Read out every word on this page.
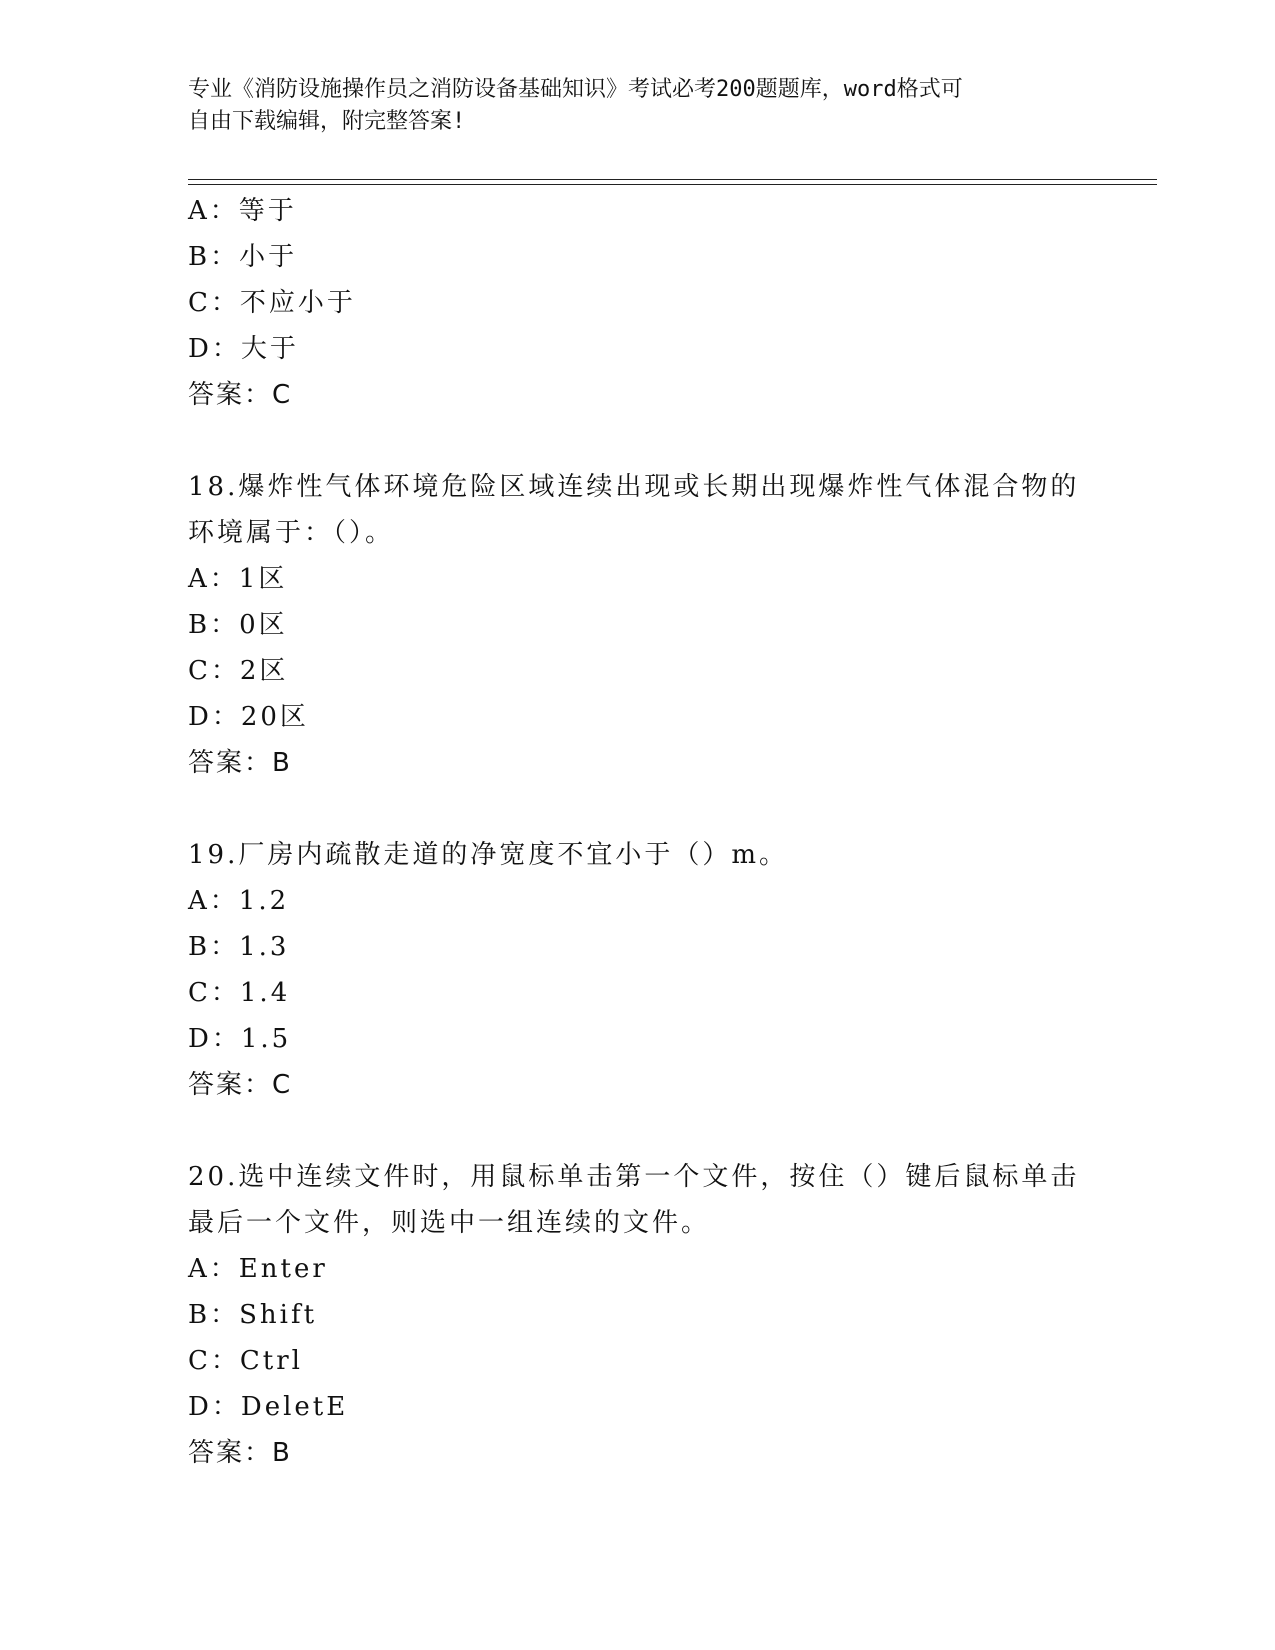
专业《消防设施操作员之消防设备基础知识》考试必考200题题库，word格式可
自由下载编辑，附完整答案!
A：等于
B：小于
C：不应小于
D：大于
答案：C
18.爆炸性气体环境危险区域连续出现或长期出现爆炸性气体混合物的
环境属于：（）。
A：1区
B：0区
C：2区
D：20区
答案：B
19.厂房内疏散走道的净宽度不宜小于（）m。
A：1.2
B：1.3
C：1.4
D：1.5
答案：C
20.选中连续文件时，用鼠标单击第一个文件，按住（）键后鼠标单击
最后一个文件，则选中一组连续的文件。
A：Enter
B：Shift
C：Ctrl
D：DeletE
答案：B
